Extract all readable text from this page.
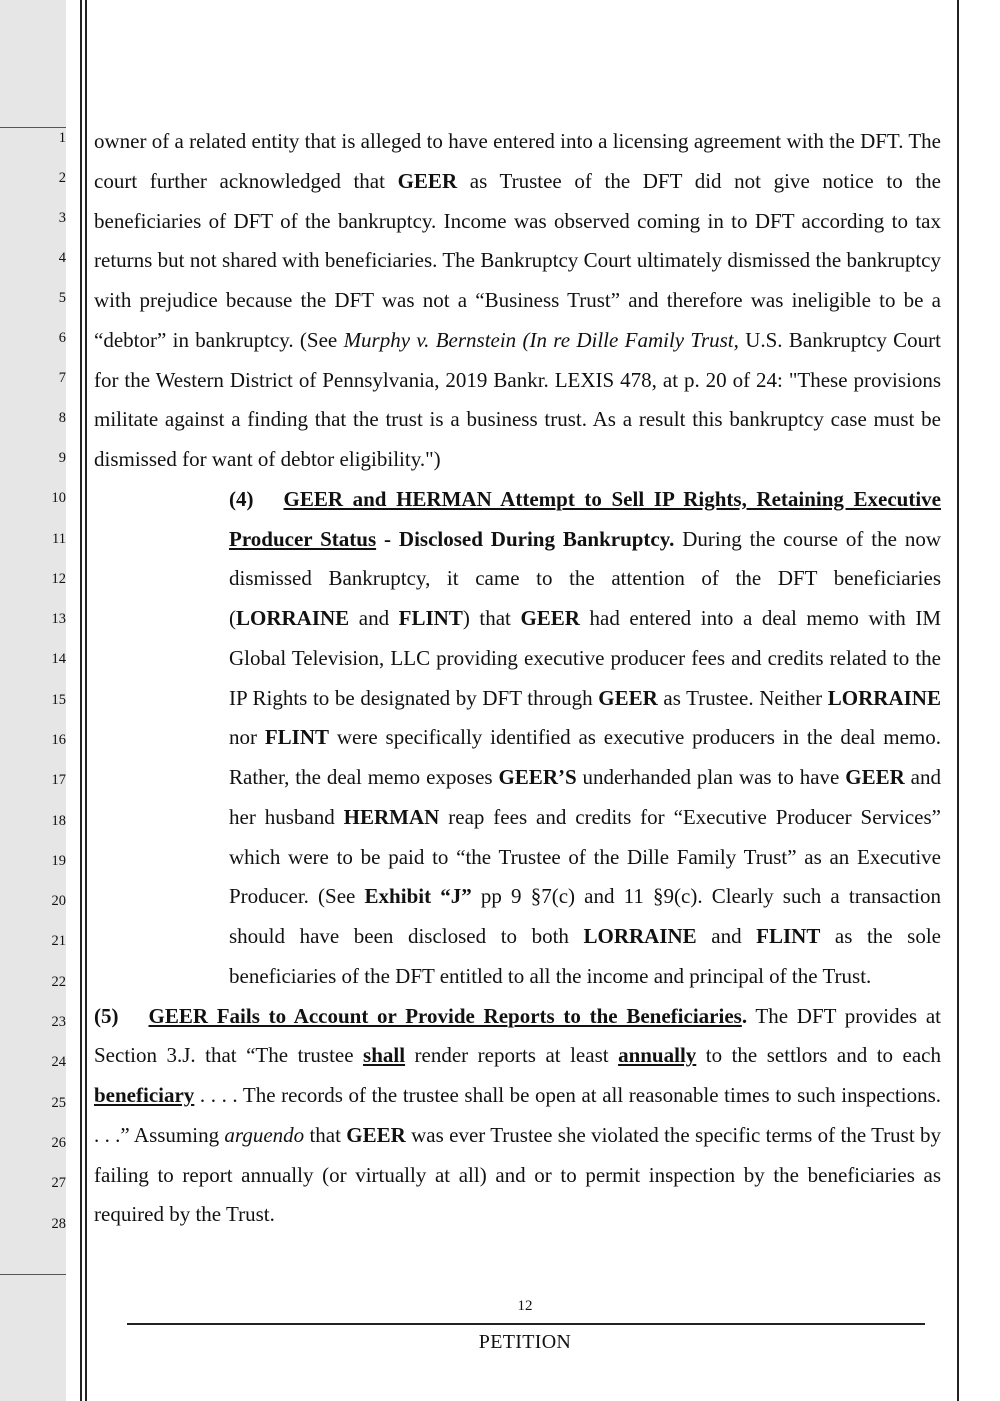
1
2
3
4
5
6
7
8
9
10
11
12
13
14
15
16
17
18
19
20
21
22
23
24
25
26
27
28

owner of a related entity that is alleged to have entered into a licensing agreement with the DFT. The court further acknowledged that GEER as Trustee of the DFT did not give notice to the beneficiaries of DFT of the bankruptcy. Income was observed coming in to DFT according to tax returns but not shared with beneficiaries. The Bankruptcy Court ultimately dismissed the bankruptcy with prejudice because the DFT was not a “Business Trust” and therefore was ineligible to be a “debtor” in bankruptcy. (See Murphy v. Bernstein (In re Dille Family Trust, U.S. Bankruptcy Court for the Western District of Pennsylvania, 2019 Bankr. LEXIS 478, at p. 20 of 24: "These provisions militate against a finding that the trust is a business trust. As a result this bankruptcy case must be dismissed for want of debtor eligibility.")

(4) GEER and HERMAN Attempt to Sell IP Rights, Retaining Executive Producer Status - Disclosed During Bankruptcy. During the course of the now dismissed Bankruptcy, it came to the attention of the DFT beneficiaries (LORRAINE and FLINT) that GEER had entered into a deal memo with IM Global Television, LLC providing executive producer fees and credits related to the IP Rights to be designated by DFT through GEER as Trustee. Neither LORRAINE nor FLINT were specifically identified as executive producers in the deal memo. Rather, the deal memo exposes GEER’S underhanded plan was to have GEER and her husband HERMAN reap fees and credits for “Executive Producer Services” which were to be paid to “the Trustee of the Dille Family Trust” as an Executive Producer. (See Exhibit “J” pp 9 §7(c) and 11 §9(c). Clearly such a transaction should have been disclosed to both LORRAINE and FLINT as the sole beneficiaries of the DFT entitled to all the income and principal of the Trust.

(5) GEER Fails to Account or Provide Reports to the Beneficiaries. The DFT provides at Section 3.J. that “The trustee shall render reports at least annually to the settlors and to each beneficiary . . . . The records of the trustee shall be open at all reasonable times to such inspections. . . .” Assuming arguendo that GEER was ever Trustee she violated the specific terms of the Trust by failing to report annually (or virtually at all) and or to permit inspection by the beneficiaries as required by the Trust.

12
PETITION
